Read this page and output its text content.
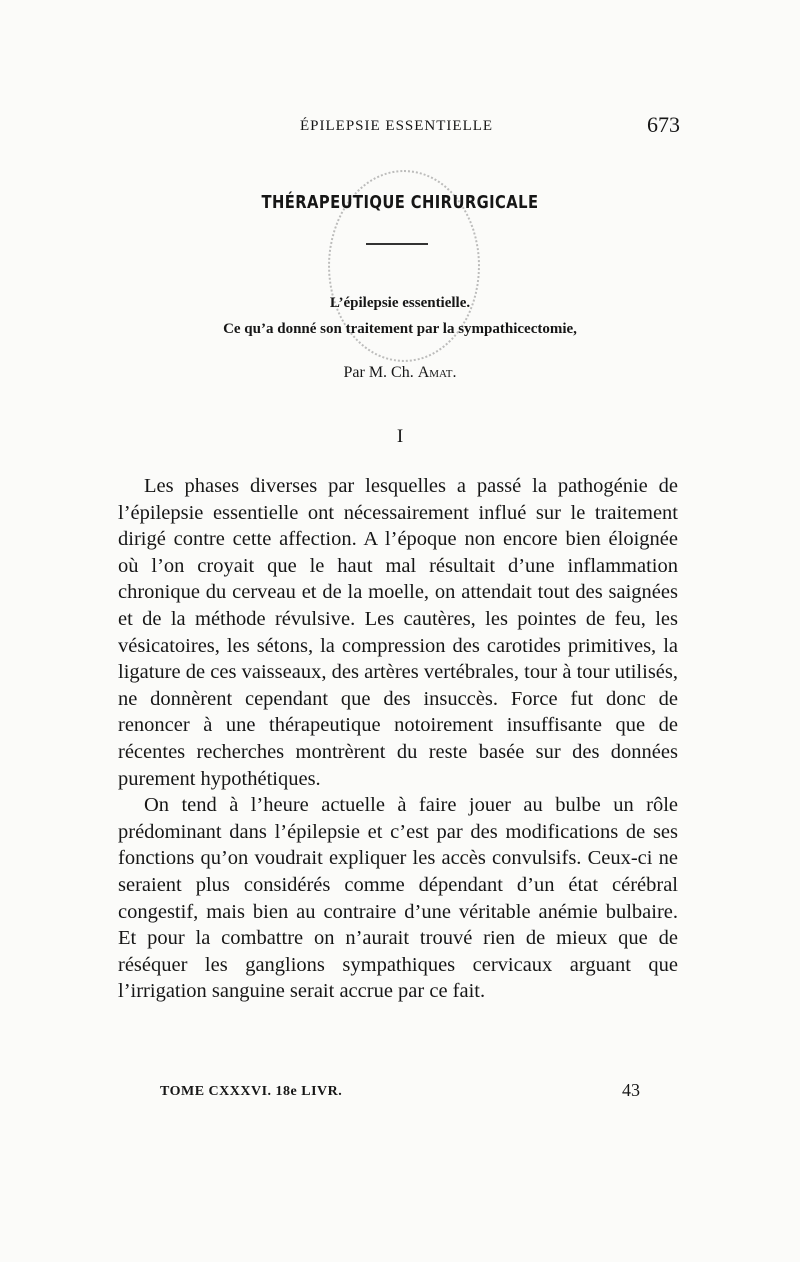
ÉPILEPSIE ESSENTIELLE	673
THÉRAPEUTIQUE CHIRURGICALE
L’épilepsie essentielle.
Ce qu’a donné son traitement par la sympathicectomie,
Par M. Ch. Amat.
I

Les phases diverses par lesquelles a passé la pathogénie de l’épilepsie essentielle ont nécessairement influé sur le traitement dirigé contre cette affection. A l’époque non encore bien éloignée où l’on croyait que le haut mal résultait d’une inflammation chronique du cerveau et de la moelle, on attendait tout des saignées et de la méthode révulsive. Les cautères, les pointes de feu, les vésicatoires, les sétons, la compression des carotides primitives, la ligature de ces vaisseaux, des artères vertébrales, tour à tour utilisés, ne donnèrent cependant que des insuccès. Force fut donc de renoncer à une thérapeutique notoirement insuffisante que de récentes recherches montrèrent du reste basée sur des données purement hypothétiques.

On tend à l’heure actuelle à faire jouer au bulbe un rôle prédominant dans l’épilepsie et c’est par des modifications de ses fonctions qu’on voudrait expliquer les accès convulsifs. Ceux-ci ne seraient plus considérés comme dépendant d’un état cérébral congestif, mais bien au contraire d’une véritable anémie bulbaire. Et pour la combattre on n’aurait trouvé rien de mieux que de réséquer les ganglions sympathiques cervicaux arguant que l’irrigation sanguine serait accrue par ce fait.

TOME CXXXVI. 18e LIVR.	43
